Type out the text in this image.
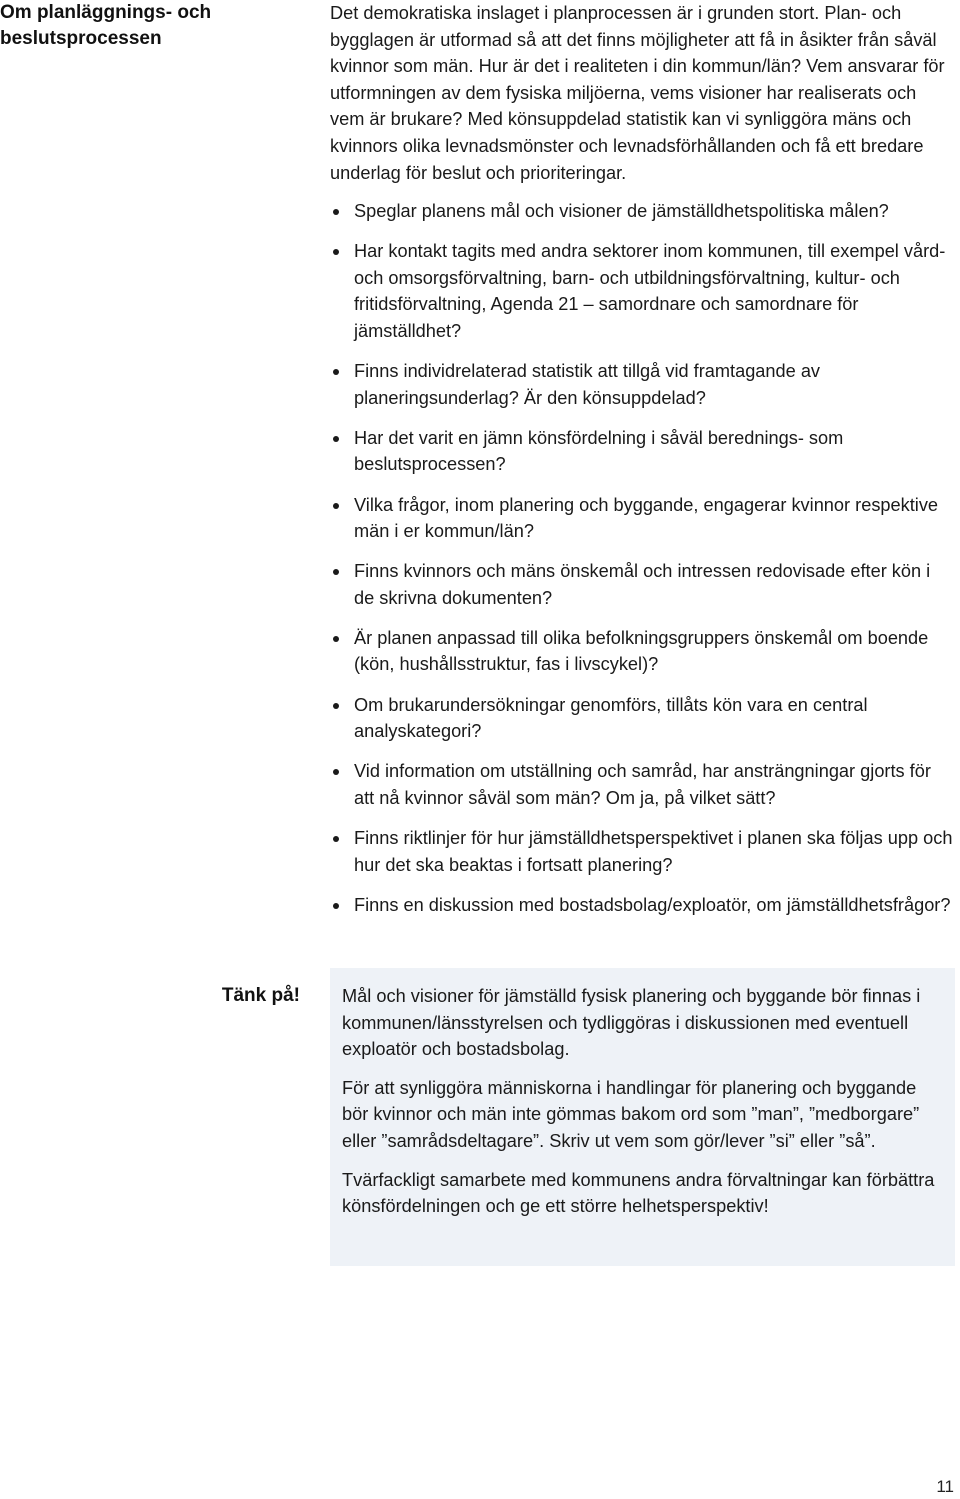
Om planläggnings- och beslutsprocessen

Det demokratiska inslaget i planprocessen är i grunden stort. Plan- och bygglagen är utformad så att det finns möjligheter att få in åsikter från såväl kvinnor som män. Hur är det i realiteten i din kommun/län? Vem ansvarar för utformningen av dem fysiska miljöerna, vems visioner har realiserats och vem är brukare? Med könsuppdelad statistik kan vi synliggöra mäns och kvinnors olika levnadsmönster och levnadsförhållanden och få ett bredare underlag för beslut och prioriteringar.

Speglar planens mål och visioner de jämställdhetspolitiska målen?
Har kontakt tagits med andra sektorer inom kommunen, till exempel vård- och omsorgsförvaltning, barn- och utbildningsförvaltning, kultur- och fritidsförvaltning, Agenda 21 – samordnare och samordnare för jämställdhet?
Finns individrelaterad statistik att tillgå vid framtagande av planeringsunderlag? Är den könsuppdelad?
Har det varit en jämn könsfördelning i såväl berednings- som beslutsprocessen?
Vilka frågor, inom planering och byggande, engagerar kvinnor respektive män i er kommun/län?
Finns kvinnors och mäns önskemål och intressen redovisade efter kön i de skrivna dokumenten?
Är planen anpassad till olika befolkningsgruppers önskemål om boende (kön, hushållsstruktur, fas i livscykel)?
Om brukarundersökningar genomförs, tillåts kön vara en central analyskategori?
Vid information om utställning och samråd, har ansträngningar gjorts för att nå kvinnor såväl som män? Om ja, på vilket sätt?
Finns riktlinjer för hur jämställdhetsperspektivet i planen ska följas upp och hur det ska beaktas i fortsatt planering?
Finns en diskussion med bostadsbolag/exploatör, om jämställdhetsfrågor?
Tänk på! Mål och visioner för jämställd fysisk planering och byggande bör finnas i kommunen/länsstyrelsen och tydliggöras i diskussionen med eventuell exploatör och bostadsbolag.

För att synliggöra människorna i handlingar för planering och byggande bör kvinnor och män inte gömmas bakom ord som ”man”, ”medborgare” eller ”samrådsdeltagare”. Skriv ut vem som gör/lever ”si” eller ”så”.

Tvärfackligt samarbete med kommunens andra förvaltningar kan förbättra könsfördelningen och ge ett större helhetsperspektiv!

11
